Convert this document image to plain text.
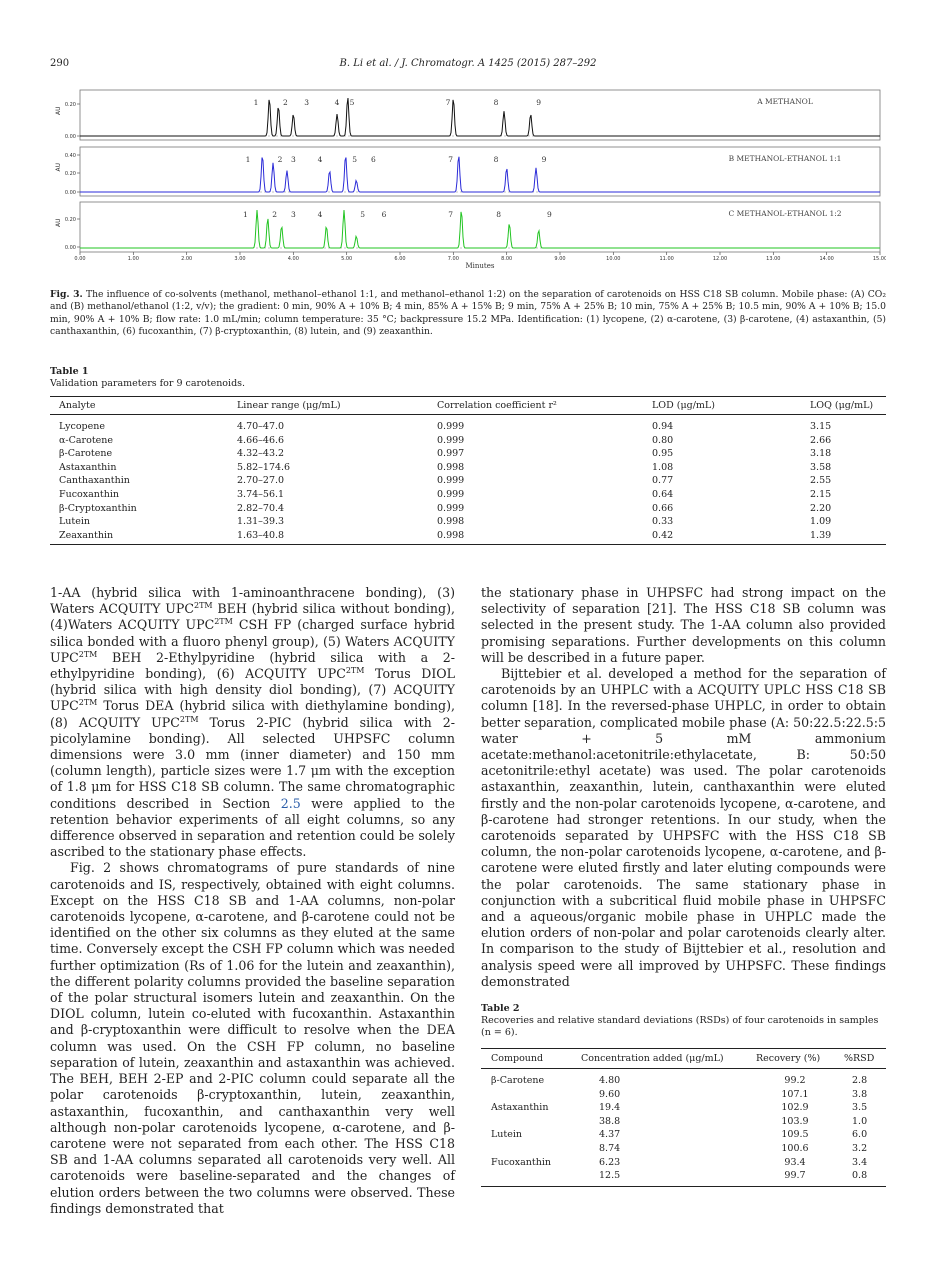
B. Li et al. / J. Chromatogr. A 1425 (2015) 287–292
290
0.20
0.00
AU
1	2 3	4 5	7	8	9	A METHANOL
0.40
0.20
0.00
AU
1	2 3	4	5 6	7	8	9	B METHANOL-ETHANOL 1:1
0.20
0.00
AU
1	2 3	4	5 6	7	8	9	C METHANOL-ETHANOL 1:2
0.00	1.00	2.00	3.00	4.00	5.00	6.00	7.00	8.00	9.00	10.00	11.00	12.00	13.00	14.00	15.00
Minutes
Fig. 3. The influence of co-solvents (methanol, methanol–ethanol 1:1, and methanol–ethanol 1:2) on the separation of carotenoids on HSS C18 SB column. Mobile phase: (A) CO₂ and (B) methanol/ethanol (1:2, v/v); the gradient: 0 min, 90% A + 10% B; 4 min, 85% A + 15% B; 9 min, 75% A + 25% B; 10 min, 75% A + 25% B; 10.5 min, 90% A + 10% B; 15.0 min, 90% A + 10% B; flow rate: 1.0 mL/min; column temperature: 35 °C; backpressure 15.2 MPa. Identification: (1) lycopene, (2) α-carotene, (3) β-carotene, (4) astaxanthin, (5) canthaxanthin, (6) fucoxanthin, (7) β-cryptoxanthin, (8) lutein, and (9) zeaxanthin.
Table 1
Validation parameters for 9 carotenoids.
Analyte	Linear range (μg/mL)	Correlation coefficient r²	LOD (μg/mL)	LOQ (μg/mL)
Lycopene	4.70–47.0	0.999	0.94	3.15
α-Carotene	4.66–46.6	0.999	0.80	2.66
β-Carotene	4.32–43.2	0.997	0.95	3.18
Astaxanthin	5.82–174.6	0.998	1.08	3.58
Canthaxanthin	2.70–27.0	0.999	0.77	2.55
Fucoxanthin	3.74–56.1	0.999	0.64	2.15
β-Cryptoxanthin	2.82–70.4	0.999	0.66	2.20
Lutein	1.31–39.3	0.998	0.33	1.09
Zeaxanthin	1.63–40.8	0.998	0.42	1.39

1-AA (hybrid silica with 1-aminoanthracene bonding), (3) Waters ACQUITY $UPC^{2TM}$ BEH (hybrid silica without bonding), (4)Waters ACQUITY $UPC^{2TM}$ CSH FP (charged surface hybrid silica bonded with a fluoro phenyl group), (5) Waters ACQUITY $UPC^{2TM}$ BEH 2-Ethylpyridine (hybrid silica with a 2-ethylpyridine bonding), (6) ACQUITY $UPC^{2TM}$ Torus DIOL (hybrid silica with high density diol bonding), (7) ACQUITY $UPC^{2TM}$ Torus DEA (hybrid silica with diethylamine bonding), (8) ACQUITY $UPC^{2TM}$ Torus 2-PIC (hybrid silica with 2-picolylamine bonding). All selected UHPSFC column dimensions were 3.0 mm (inner diameter) and 150 mm (column length), particle sizes were 1.7 μm with the exception of 1.8 μm for HSS C18 SB column. The same chromatographic conditions described in Section 2.5 were applied to the retention behavior experiments of all eight columns, so any difference observed in separation and retention could be solely ascribed to the stationary phase effects.

Fig. 2 shows chromatograms of pure standards of nine carotenoids and IS, respectively, obtained with eight columns. Except on the HSS C18 SB and 1-AA columns, non-polar carotenoids lycopene, α-carotene, and β-carotene could not be identified on the other six columns as they eluted at the same time. Conversely except the CSH FP column which was needed further optimization (Rs of 1.06 for the lutein and zeaxanthin), the different polarity columns provided the baseline separation of the polar structural isomers lutein and zeaxanthin. On the DIOL column, lutein co-eluted with fucoxanthin. Astaxanthin and β-cryptoxanthin were difficult to resolve when the DEA column was used. On the CSH FP column, no baseline separation of lutein, zeaxanthin and astaxanthin was achieved. The BEH, BEH 2-EP and 2-PIC column could separate all the polar carotenoids β-cryptoxanthin, lutein, zeaxanthin, astaxanthin, fucoxanthin, and canthaxanthin very well although non-polar carotenoids lycopene, α-carotene, and β-carotene were not separated from each other. The HSS C18 SB and 1-AA columns separated all carotenoids very well. All carotenoids were baseline-separated and the changes of elution orders between the two columns were observed. These findings demonstrated that

the stationary phase in UHPSFC had strong impact on the selectivity of separation [21]. The HSS C18 SB column was selected in the present study. The 1-AA column also provided promising separations. Further developments on this column will be described in a future paper.

Bijttebier et al. developed a method for the separation of carotenoids by an UHPLC with a ACQUITY UPLC HSS C18 SB column [18]. In the reversed-phase UHPLC, in order to obtain better separation, complicated mobile phase (A: 50:22.5:22.5:5 water + 5 mM ammonium acetate:methanol:acetonitrile:ethylacetate, B: 50:50 acetonitrile:ethyl acetate) was used. The polar carotenoids astaxanthin, zeaxanthin, lutein, canthaxanthin were eluted firstly and the non-polar carotenoids lycopene, α-carotene, and β-carotene had stronger retentions. In our study, when the carotenoids separated by UHPSFC with the HSS C18 SB column, the non-polar carotenoids lycopene, α-carotene, and β-carotene were eluted firstly and later eluting compounds were the polar carotenoids. The same stationary phase in conjunction with a subcritical fluid mobile phase in UHPSFC and a aqueous/organic mobile phase in UHPLC made the elution orders of non-polar and polar carotenoids clearly alter. In comparison to the study of Bijttebier et al., resolution and analysis speed were all improved by UHPSFC. These findings demonstrated

Table 2
Recoveries and relative standard deviations (RSDs) of four carotenoids in samples (n = 6).
Compound	Concentration added (μg/mL)	Recovery (%)	%RSD
β-Carotene	4.80	99.2	2.8
	9.60	107.1	3.8
Astaxanthin	19.4	102.9	3.5
	38.8	103.9	1.0
Lutein	4.37	109.5	6.0
	8.74	100.6	3.2
Fucoxanthin	6.23	93.4	3.4
	12.5	99.7	0.8
